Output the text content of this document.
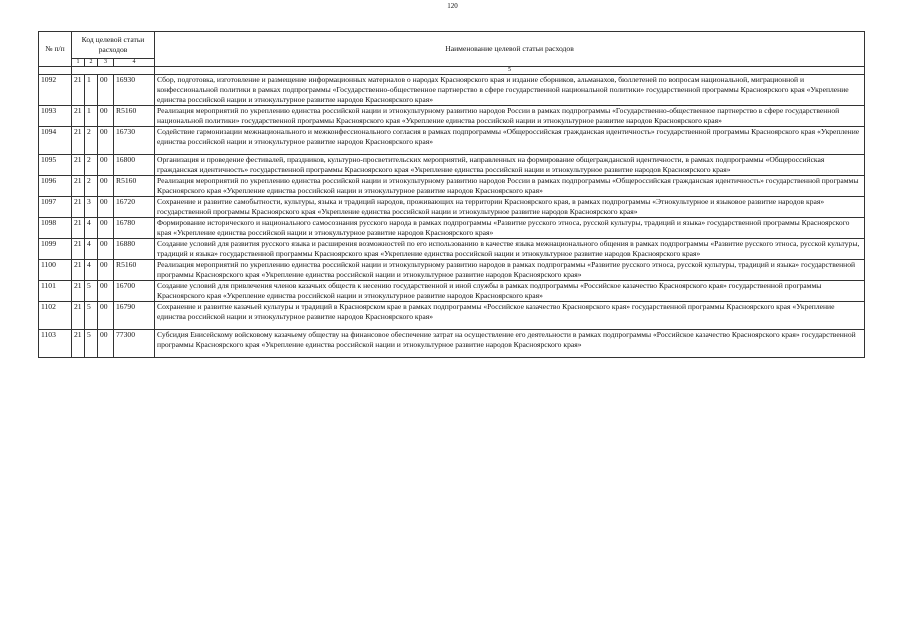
120
№ п/п	Код целевой статьи расходов				Наименование целевой статьи расходов
	1	2	3	4	
					5
1092	21	1	00	16930	Сбор, подготовка, изготовление и размещение информационных материалов о народах Красноярского края и издание сборников, альманахов, бюллетеней по вопросам национальной, миграционной и конфессиональной политики в рамках подпрограммы «Государственно-общественное партнерство в сфере государственной национальной политики» государственной программы Красноярского края «Укрепление единства российской нации и этнокультурное развитие народов Красноярского края»
1093	21	1	00	R5160	Реализация мероприятий по укреплению единства российской нации и этнокультурному развитию народов России в рамках подпрограммы «Государственно-общественное партнерство в сфере государственной национальной политики» государственной программы Красноярского края «Укрепление единства российской нации и этнокультурное развитие народов Красноярского края»
1094	21	2	00	16730	Содействие гармонизации межнационального и межконфессионального согласия в рамках подпрограммы «Общероссийская гражданская идентичность» государственной программы Красноярского края «Укрепление единства российской нации и этнокультурное развитие народов Красноярского края»
1095	21	2	00	16800	Организация и проведение фестивалей, праздников, культурно-просветительских мероприятий, направленных на формирование общегражданской идентичности, в рамках подпрограммы «Общероссийская гражданская идентичность» государственной программы Красноярского края «Укрепление единства российской нации и этнокультурное развитие народов Красноярского края»
1096	21	2	00	R5160	Реализация мероприятий по укреплению единства российской нации и этнокультурному развитию народов России в рамках подпрограммы «Общероссийская гражданская идентичность» государственной программы Красноярского края «Укрепление единства российской нации и этнокультурное развитие народов Красноярского края»
1097	21	3	00	16720	Сохранение и развитие самобытности, культуры, языка и традиций народов, проживающих на территории Красноярского края, в рамках подпрограммы «Этнокультурное и языковое развитие народов края» государственной программы Красноярского края «Укрепление единства российской нации и этнокультурное развитие народов Красноярского края»
1098	21	4	00	16780	Формирование исторического и национального самосознания русского народа в рамках подпрограммы «Развитие русского этноса, русской культуры, традиций и языка» государственной программы Красноярского края «Укрепление единства российской нации и этнокультурное развитие народов Красноярского края»
1099	21	4	00	16880	Создание условий для развития русского языка и расширения возможностей по его использованию в качестве языка межнационального общения в рамках подпрограммы «Развитие русского этноса, русской культуры, традиций и языка» государственной программы Красноярского края «Укрепление единства российской нации и этнокультурное развитие народов Красноярского края»
1100	21	4	00	R5160	Реализация мероприятий по укреплению единства российской нации и этнокультурному развитию народов в рамках подпрограммы «Развитие русского этноса, русской культуры, традиций и языка» государственной программы Красноярского края «Укрепление единства российской нации и этнокультурное развитие народов Красноярского края»
1101	21	5	00	16700	Создание условий для привлечения членов казачьих обществ к несению государственной и иной службы в рамках подпрограммы «Российское казачество Красноярского края» государственной программы Красноярского края «Укрепление единства российской нации и этнокультурное развитие народов Красноярского края»
1102	21	5	00	16790	Сохранение и развитие казачьей культуры и традиций в Красноярском крае в рамках подпрограммы «Российское казачество Красноярского края» государственной программы Красноярского края «Укрепление единства российской нации и этнокультурное развитие народов Красноярского края»
1103	21	5	00	77300	Субсидия Енисейскому войсковому казачьему обществу на финансовое обеспечение затрат на осуществление его деятельности в рамках подпрограммы «Российское казачество Красноярского края» государственной программы Красноярского края «Укрепление единства российской нации и этнокультурное развитие народов Красноярского края»
